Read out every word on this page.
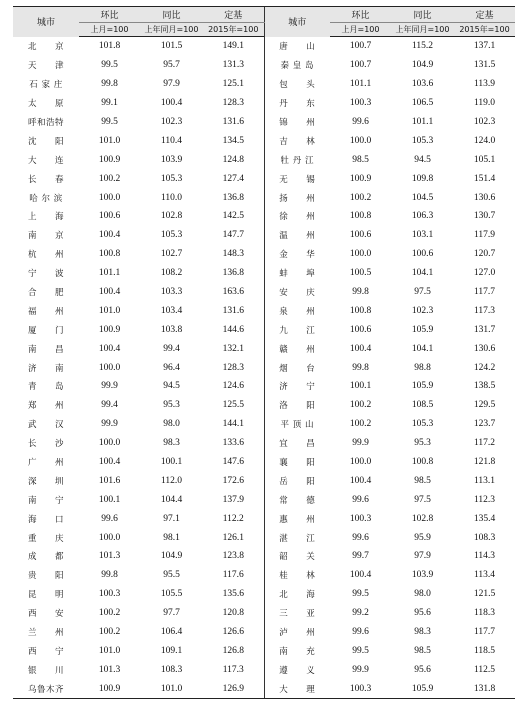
城市	环比	同比	定基	城市	环比	同比	定基
	上月=100	上年同月=100	2015年=100		上月=100	上年同月=100	2015年=100
北　　京	101.8	101.5	149.1	唐　　山	100.7	115.2	137.1
天　　津	99.5	95.7	131.3	秦 皇 岛	100.7	104.9	131.5
石 家 庄	99.8	97.9	125.1	包　　头	101.1	103.6	113.9
太　　原	99.1	100.4	128.3	丹　　东	100.3	106.5	119.0
呼和浩特	99.5	102.3	131.6	锦　　州	99.6	101.1	102.3
沈　　阳	101.0	110.4	134.5	吉　　林	100.0	105.3	124.0
大　　连	100.9	103.9	124.8	牡 丹 江	98.5	94.5	105.1
长　　春	100.2	105.3	127.4	无　　锡	100.9	109.8	151.4
哈 尔 滨	100.0	110.0	136.8	扬　　州	100.2	104.5	130.6
上　　海	100.6	102.8	142.5	徐　　州	100.8	106.3	130.7
南　　京	100.4	105.3	147.7	温　　州	100.6	103.1	117.9
杭　　州	100.8	102.7	148.3	金　　华	100.0	100.6	120.7
宁　　波	101.1	108.2	136.8	蚌　　埠	100.5	104.1	127.0
合　　肥	100.4	103.3	163.6	安　　庆	99.8	97.5	117.7
福　　州	101.0	103.4	131.6	泉　　州	100.8	102.3	117.3
厦　　门	100.9	103.8	144.6	九　　江	100.6	105.9	131.7
南　　昌	100.4	99.4	132.1	赣　　州	100.4	104.1	130.6
济　　南	100.0	96.4	128.3	烟　　台	99.8	98.8	124.2
青　　岛	99.9	94.5	124.6	济　　宁	100.1	105.9	138.5
郑　　州	99.4	95.3	125.5	洛　　阳	100.2	108.5	129.5
武　　汉	99.9	98.0	144.1	平 顶 山	100.2	105.3	123.7
长　　沙	100.0	98.3	133.6	宜　　昌	99.9	95.3	117.2
广　　州	100.4	100.1	147.6	襄　　阳	100.0	100.8	121.8
深　　圳	101.6	112.0	172.6	岳　　阳	100.4	98.5	113.1
南　　宁	100.1	104.4	137.9	常　　德	99.6	97.5	112.3
海　　口	99.6	97.1	112.2	惠　　州	100.3	102.8	135.4
重　　庆	100.0	98.1	126.1	湛　　江	99.6	95.9	108.3
成　　都	101.3	104.9	123.8	韶　　关	99.7	97.9	114.3
贵　　阳	99.8	95.5	117.6	桂　　林	100.4	103.9	113.4
昆　　明	100.3	105.5	135.6	北　　海	99.5	98.0	121.5
西　　安	100.2	97.7	120.8	三　　亚	99.2	95.6	118.3
兰　　州	100.2	106.4	126.6	泸　　州	99.6	98.3	117.7
西　　宁	101.0	109.1	126.8	南　　充	99.5	98.5	118.5
银　　川	101.3	108.3	117.3	遵　　义	99.9	95.6	112.5
乌鲁木齐	100.9	101.0	126.9	大　　理	100.3	105.9	131.8
